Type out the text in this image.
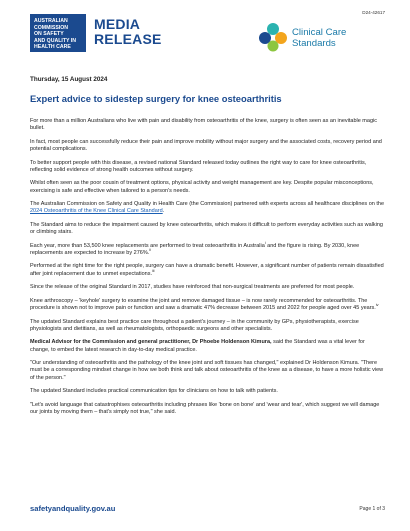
D24-42617
AUSTRALIAN
COMMISSION
ON SAFETY
AND QUALITY IN
HEALTH CARE
MEDIA
RELEASE	Clinical Care
Standards
Thursday, 15 August 2024
Expert advice to sidestep surgery for knee osteoarthritis

For more than a million Australians who live with pain and disability from osteoarthritis of the knee, surgery is often seen as an inevitable magic bullet.

In fact, most people can successfully reduce their pain and improve mobility without major surgery and the associated costs, recovery period and potential complications.

To better support people with this disease, a revised national Standard released today outlines the right way to care for knee osteoarthritis, reflecting solid evidence of strong health outcomes without surgery.

Whilst often seen as the poor cousin of treatment options, physical activity and weight management are key. Despite popular misconceptions, exercising is safe and effective when tailored to a person's needs.

The Australian Commission on Safety and Quality in Health Care (the Commission) partnered with experts across all healthcare disciplines on the 2024 Osteoarthritis of the Knee Clinical Care Standard.

The Standard aims to reduce the impairment caused by knee osteoarthritis, which makes it difficult to perform everyday activities such as walking or climbing stairs.

Each year, more than 53,500 knee replacements are performed to treat osteoarthritis in Australia$^i$ and the figure is rising. By 2030, knee replacements are expected to increase by 276%.$^{ii}$

Performed at the right time for the right people, surgery can have a dramatic benefit. However, a significant number of patients remain dissatisfied after joint replacement due to unmet expectations.$^{iii}$

Since the release of the original Standard in 2017, studies have reinforced that non-surgical treatments are preferred for most people.

Knee arthroscopy – 'keyhole' surgery to examine the joint and remove damaged tissue – is now rarely recommended for osteoarthritis. The procedure is shown not to improve pain or function and saw a dramatic 47% decrease between 2015 and 2022 for people aged over 45 years.$^{iv}$

The updated Standard explains best practice care throughout a patient's journey – in the community by GPs, physiotherapists, exercise physiologists and dietitians, as well as rheumatologists, orthopaedic surgeons and other specialists.

Medical Advisor for the Commission and general practitioner, Dr Phoebe Holdenson Kimura, said the Standard was a vital lever for change, to embed the latest research in day-to-day medical practice.

"Our understanding of osteoarthritis and the pathology of the knee joint and soft tissues has changed," explained Dr Holdenson Kimura. "There must be a corresponding mindset change in how we both think and talk about osteoarthritis of the knee as a disease, to have a more holistic view of the person."

The updated Standard includes practical communication tips for clinicians on how to talk with patients.

"Let's avoid language that catastrophises osteoarthritis including phrases like 'bone on bone' and 'wear and tear', which suggest we will damage our joints by moving them – that's simply not true," she said.

safetyandquality.gov.au	Page 1 of 3
